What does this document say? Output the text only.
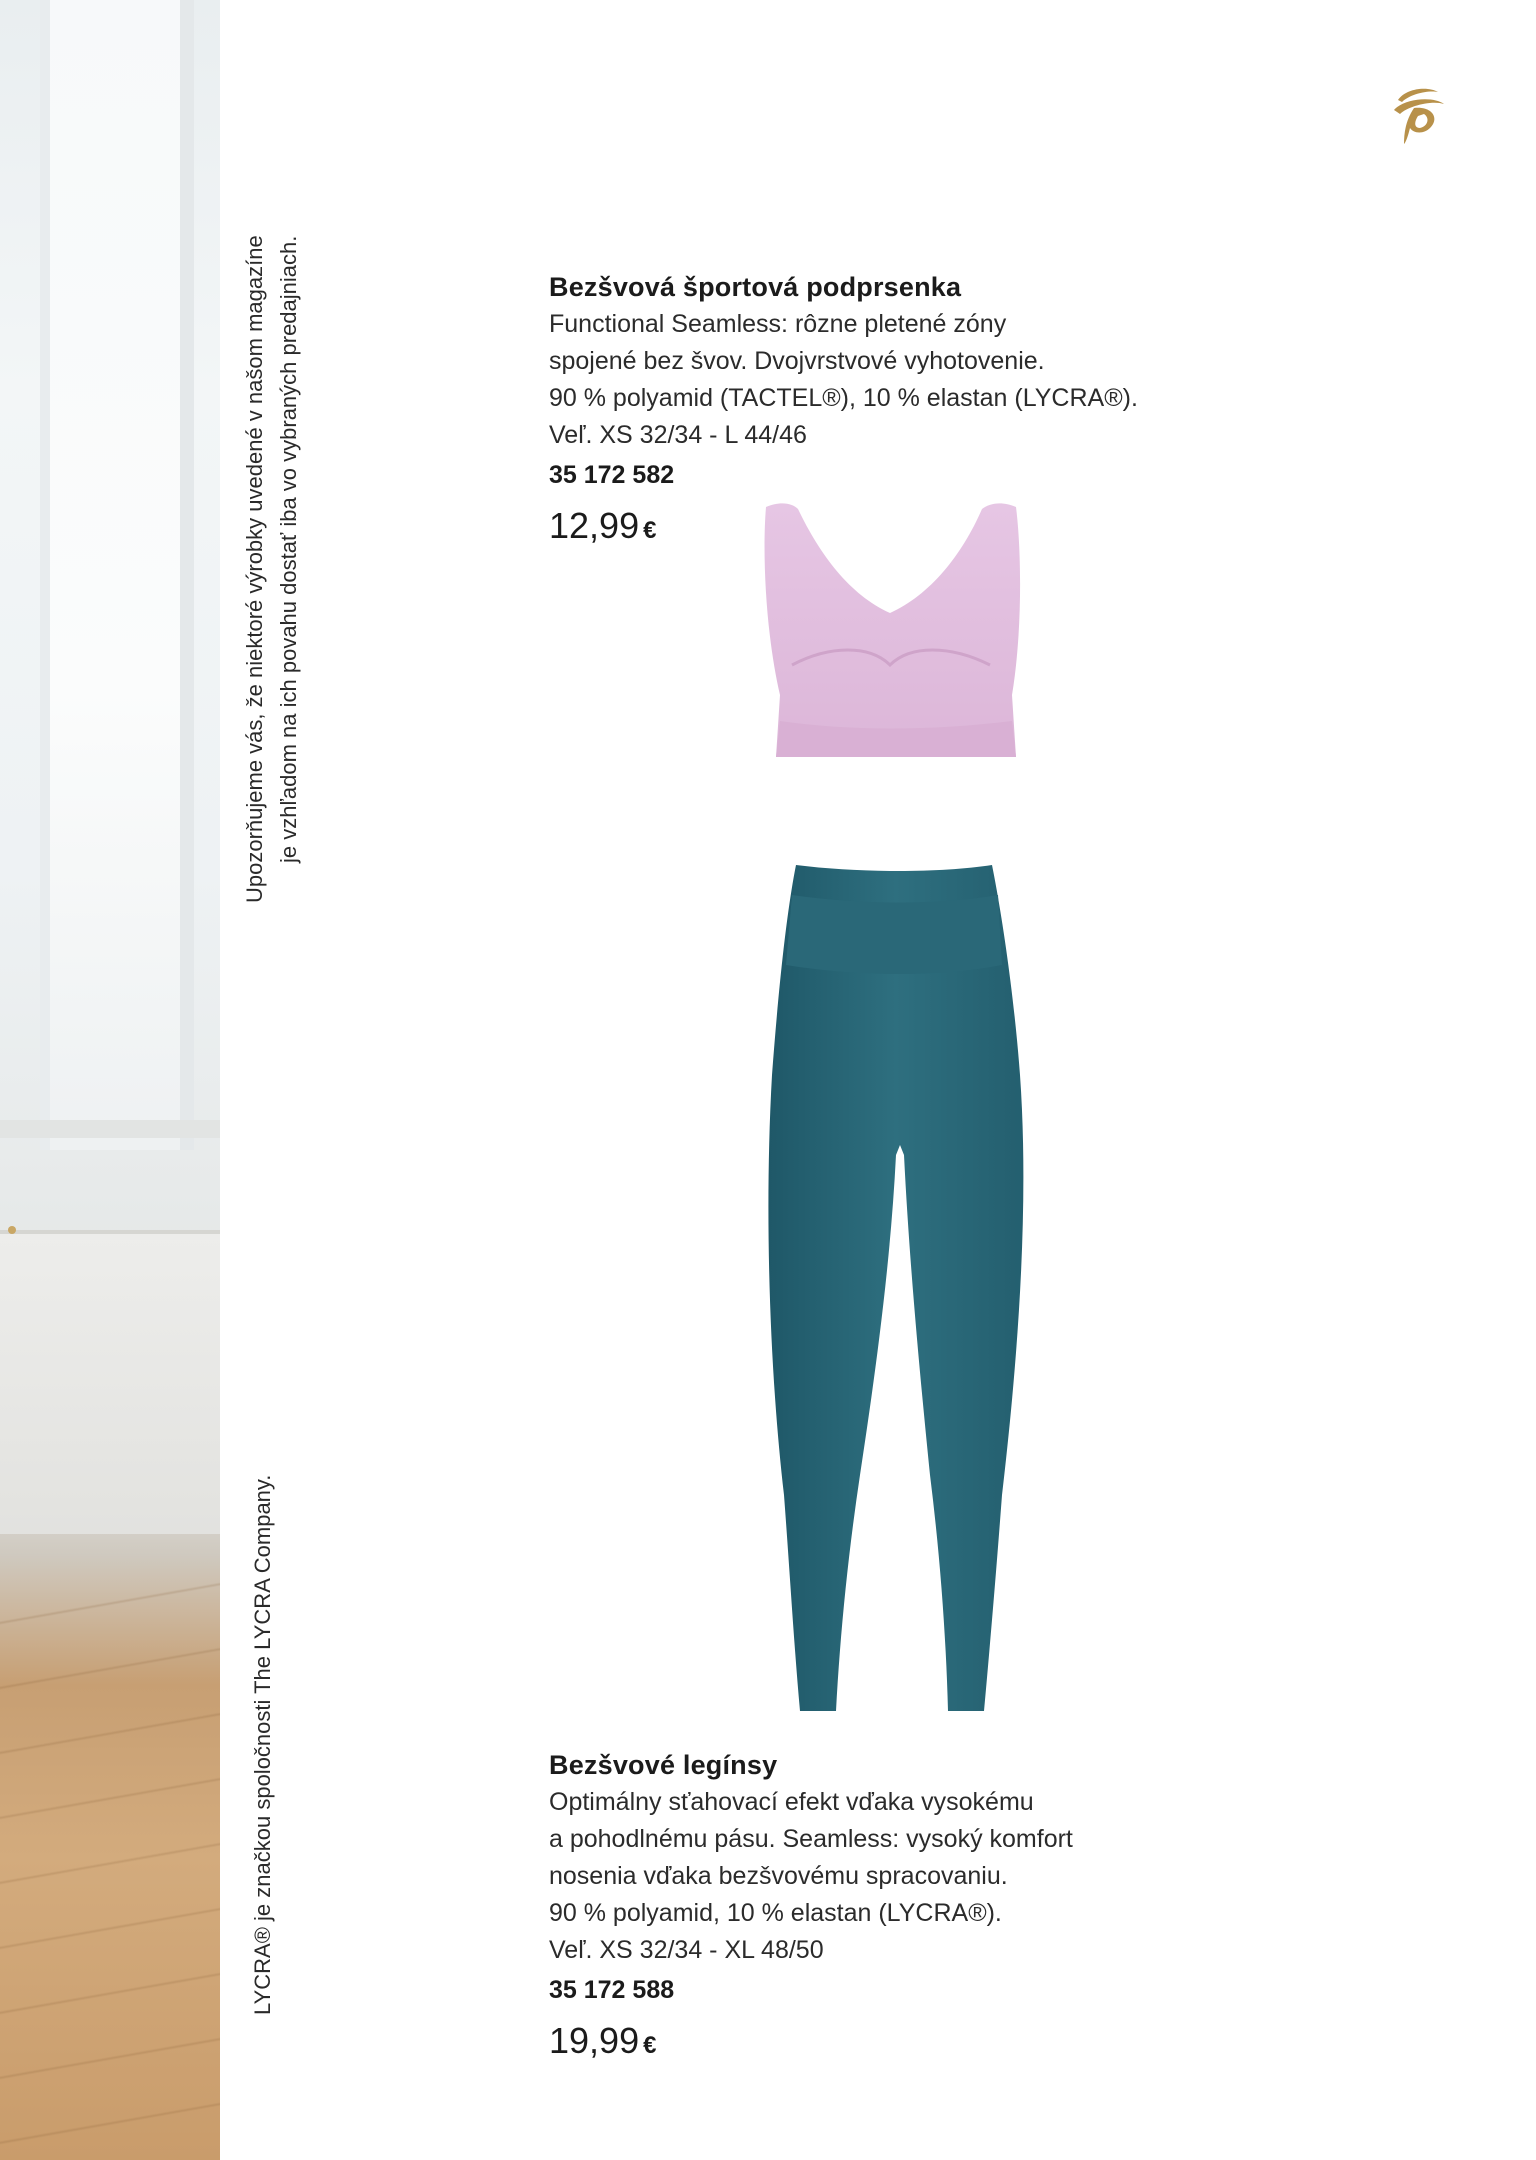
Upozorňujeme vás, že niektoré výrobky uvedené v našom magazíne je vzhľadom na ich povahu dostať iba vo vybraných predajniach.
LYCRA® je značkou spoločnosti The LYCRA Company.
Bezšvová športová podprsenka
Functional Seamless: rôzne pletené zóny
spojené bez švov. Dvojvrstvové vyhotovenie.
90 % polyamid (TACTEL®), 10 % elastan (LYCRA®).
Veľ. XS 32/34 - L 44/46
35 172 582
12,99 €
Bezšvové legínsy
Optimálny sťahovací efekt vďaka vysokému
a pohodlnému pásu. Seamless: vysoký komfort
nosenia vďaka bezšvovému spracovaniu.
90 % polyamid, 10 % elastan (LYCRA®).
Veľ. XS 32/34 - XL 48/50
35 172 588
19,99 €
